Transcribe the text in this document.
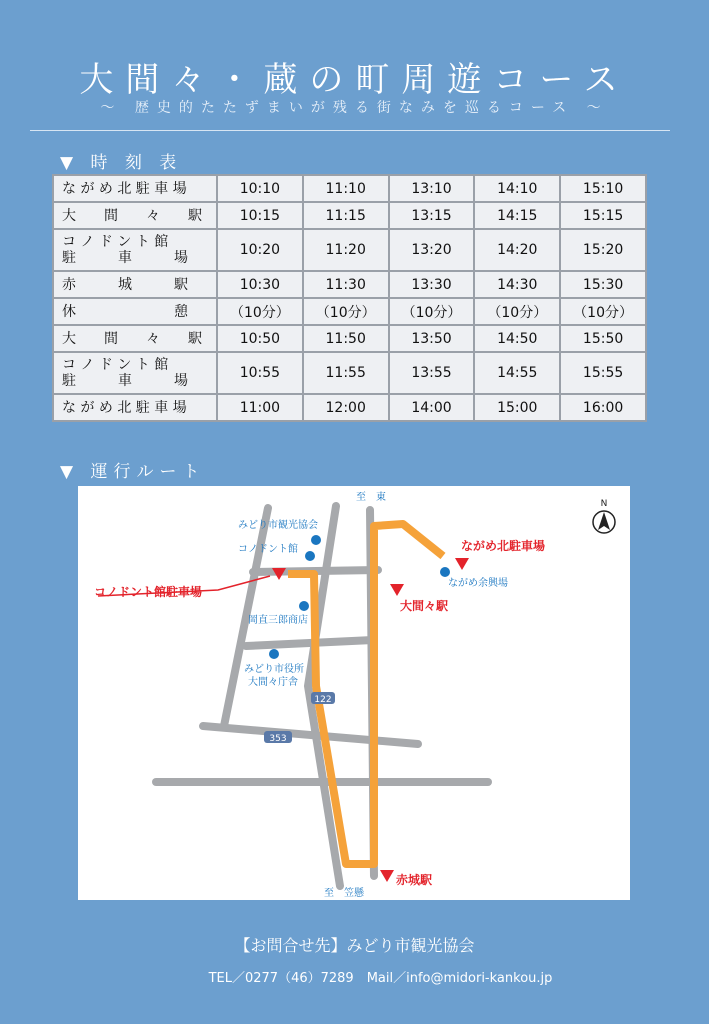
大間々・蔵の町周遊コース
〜 歴史的たたずまいが残る街なみを巡るコース 〜
▼ 時 刻 表
な が め 北 駐 車 場	10:10	11:10	13:10	14:10	15:10
大　　間　　々　　駅	10:15	11:15	13:15	14:15	15:15
コ ノ ド ン ト 館
駐　　　車　　　場	10:20	11:20	13:20	14:20	15:20
赤　　　城　　　駅	10:30	11:30	13:30	14:30	15:30
休　　　　　　　憩	（10分）	（10分）	（10分）	（10分）	（10分）
大　　間　　々　　駅	10:50	11:50	13:50	14:50	15:50
コ ノ ド ン ト 館
駐　　　車　　　場	10:55	11:55	13:55	14:55	15:55
な が め 北 駐 車 場	11:00	12:00	14:00	15:00	16:00
▼ 運行ルート
122
353
みどり市観光協会
コノドント館
ながめ余興場
岡直三郎商店
みどり市役所
大間々庁舎
コノドント館駐車場
大間々駅
ながめ北駐車場
赤城駅
至　東
至　笠懸
N
【お問合せ先】みどり市観光協会
TEL／0277（46）7289　Mail／info@midori-kankou.jp
